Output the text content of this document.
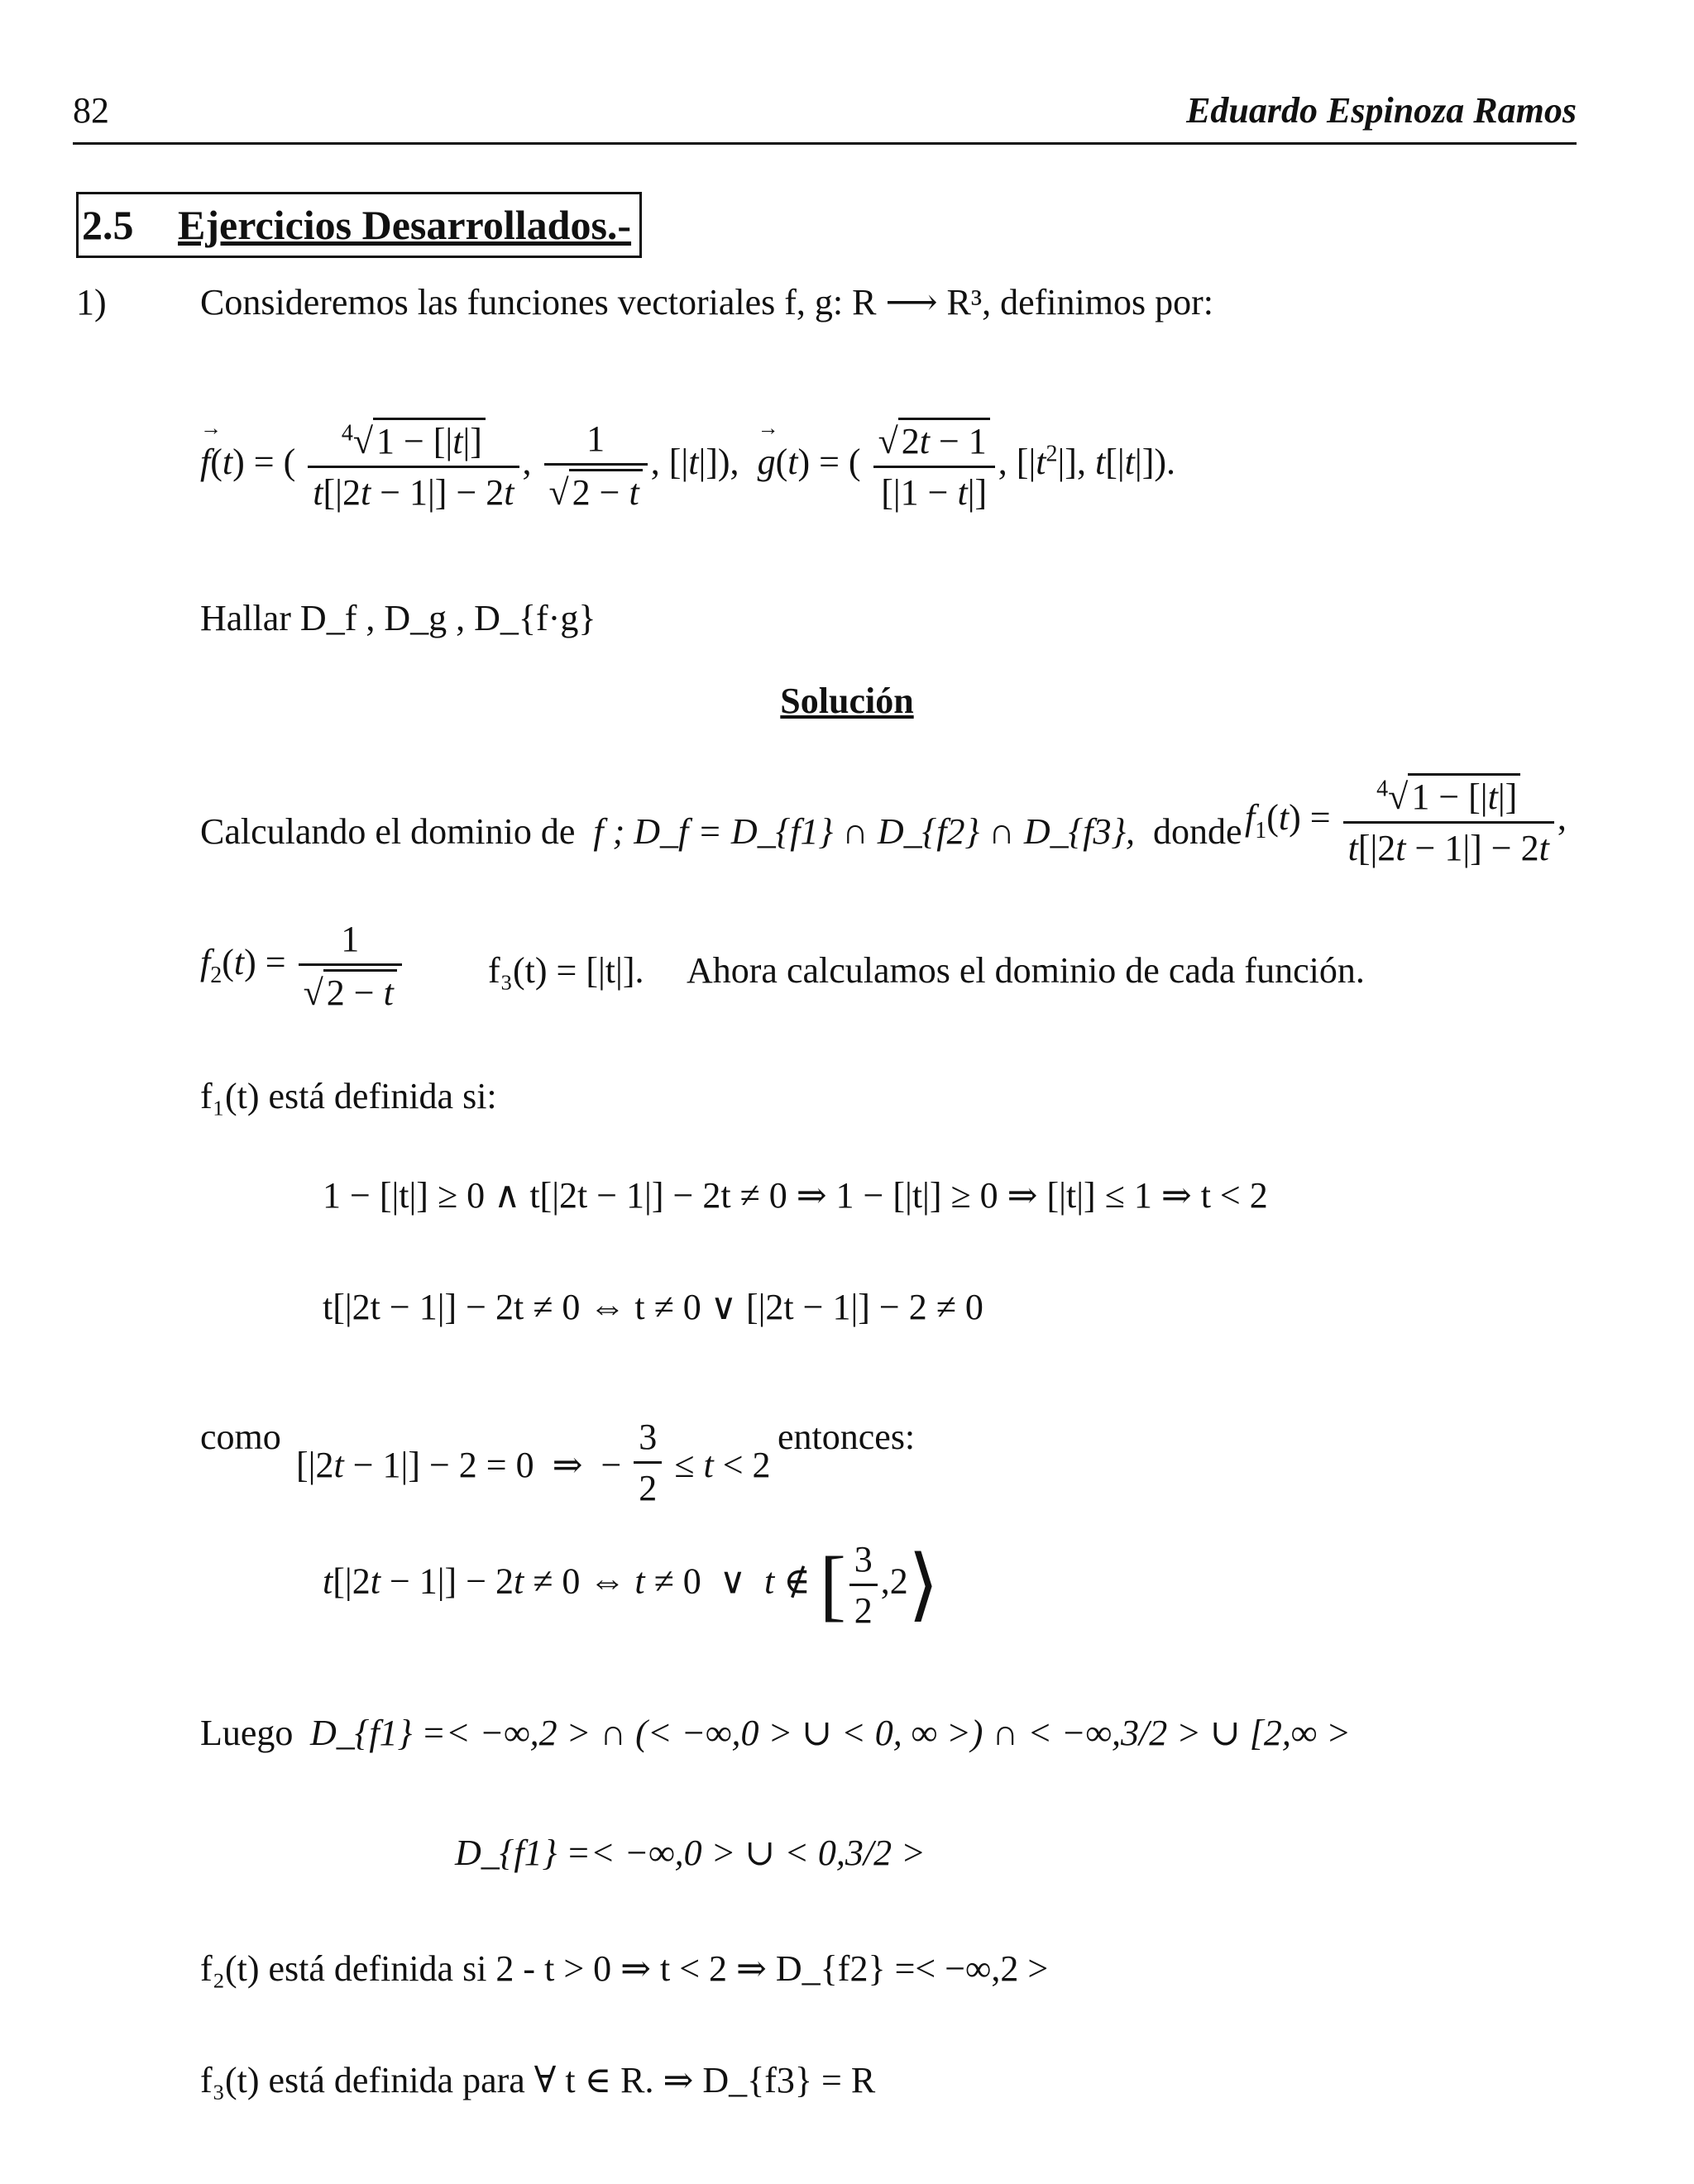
82	Eduardo Espinoza Ramos
2.5 Ejercicios Desarrollados.-
1)	Consideremos las funciones vectoriales f, g: R ⟶ R³, definimos por:
→ f(t) = ( $\frac{^4√1 - [|t|]}{t[|2t - 1|] - 2t}$ , $\frac{1}{√2 - t}$ , [|t|]),  → g(t) = ( $\frac{√2t - 1}{[|1 - t|]}$ , $[|t^2|]$, t[|t|]).
Hallar D_f , D_g , D_{f·g}
Solución
Calculando el dominio de f ; D_f = D_{f1} ∩ D_{f2} ∩ D_{f3}, donde $f_1(t) = \frac{^4√1 - [|t|]}{t[|2t - 1|] - 2t}$ ,
$f_2(t) = \frac{1}{√2 - t} f_3(t) = [|t|]$. Ahora calculamos el dominio de cada función.
f₁(t) está definida si:
1 − [|t|] ≥ 0 ∧ t[|2t − 1|] − 2t ≠ 0 ⇒ 1 − [|t|] ≥ 0 ⇒ [|t|] ≤ 1 ⇒ t < 2
t[|2t − 1|] − 2t ≠ 0 ⇔ t ≠ 0 ∨ [|2t − 1|] − 2 ≠ 0
como
[|2t − 1|] − 2 = 0  ⇒  − $\frac{3}{2} \le t < 2$
entonces:
t[|2t − 1|] − 2t ≠ 0 ⇔ t ≠ 0  ∨  t ∉ [ $\frac{3}{2}$ ,2⟩
Luego D_{f1} =< −∞,2 > ∩ (< −∞,0 > ∪ < 0, ∞ >) ∩ < −∞,3/2 > ∪ [2,∞ >
D_{f1} =< −∞,0 > ∪ < 0,3/2 >
f₂(t) está definida si 2 - t > 0 ⇒ t < 2 ⇒ D_{f2} =< −∞,2 >
f₃(t) está definida para ∀ t ∈ R. ⇒ D_{f3} = R
